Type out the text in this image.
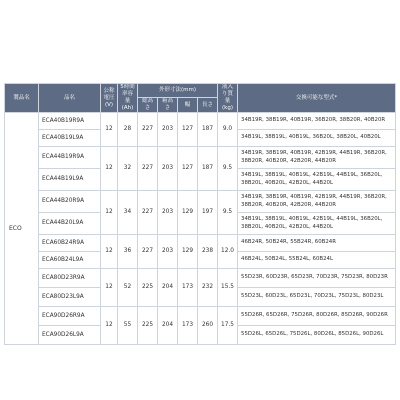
製品名	品名	公称電圧 (V)	5時間率容量 (Ah)	外形寸法(mm)				液入り質量 (kg)	交換可能な型式*
				総高さ	箱高さ	幅	長さ		
ECO	ECA40B19R9A	12	28	227	203	127	187	9.0	34B19R, 38B19R, 40B19R, 36B20R, 38B20R, 40B20R
	ECA40B19L9A								34B19L, 38B19L, 40B19L, 36B20L, 38B20L, 40B20L
	ECA44B19R9A	12	32	227	203	127	187	9.5	34B19R, 38B19R, 40B19R, 42B19R, 44B19R, 36B20R, 38B20R, 40B20R, 42B20R, 44B20R
	ECA44B19L9A								34B19L, 38B19L, 40B19L, 42B19L, 44B19L, 36B20L, 38B20L, 40B20L, 42B20L, 44B20L
	ECA44B20R9A	12	34	227	203	129	197	9.5	34B19R, 38B19R, 40B19R, 42B19R, 44B19R, 36B20R, 38B20R, 40B20R, 42B20R, 44B20R
	ECA44B20L9A								34B19L, 38B19L, 40B19L, 42B19L, 44B19L, 36B20L, 38B20L, 40B20L, 42B20L, 44B20L
	ECA60B24R9A	12	36	227	203	129	238	12.0	46B24R, 50B24R, 55B24R, 60B24R
	ECA60B24L9A								46B24L, 50B24L, 55B24L, 60B24L
	ECA80D23R9A	12	52	225	204	173	232	15.5	55D23R, 60D23R, 65D23R, 70D23R, 75D23R, 80D23R
	ECA80D23L9A								55D23L, 60D23L, 65D23L, 70D23L, 75D23L, 80D23L
	ECA90D26R9A	12	55	225	204	173	260	17.5	55D26R, 65D26R, 75D26R, 80D26R, 85D26R, 90D26R
	ECA90D26L9A								55D26L, 65D26L, 75D26L, 80D26L, 85D26L, 90D26L
